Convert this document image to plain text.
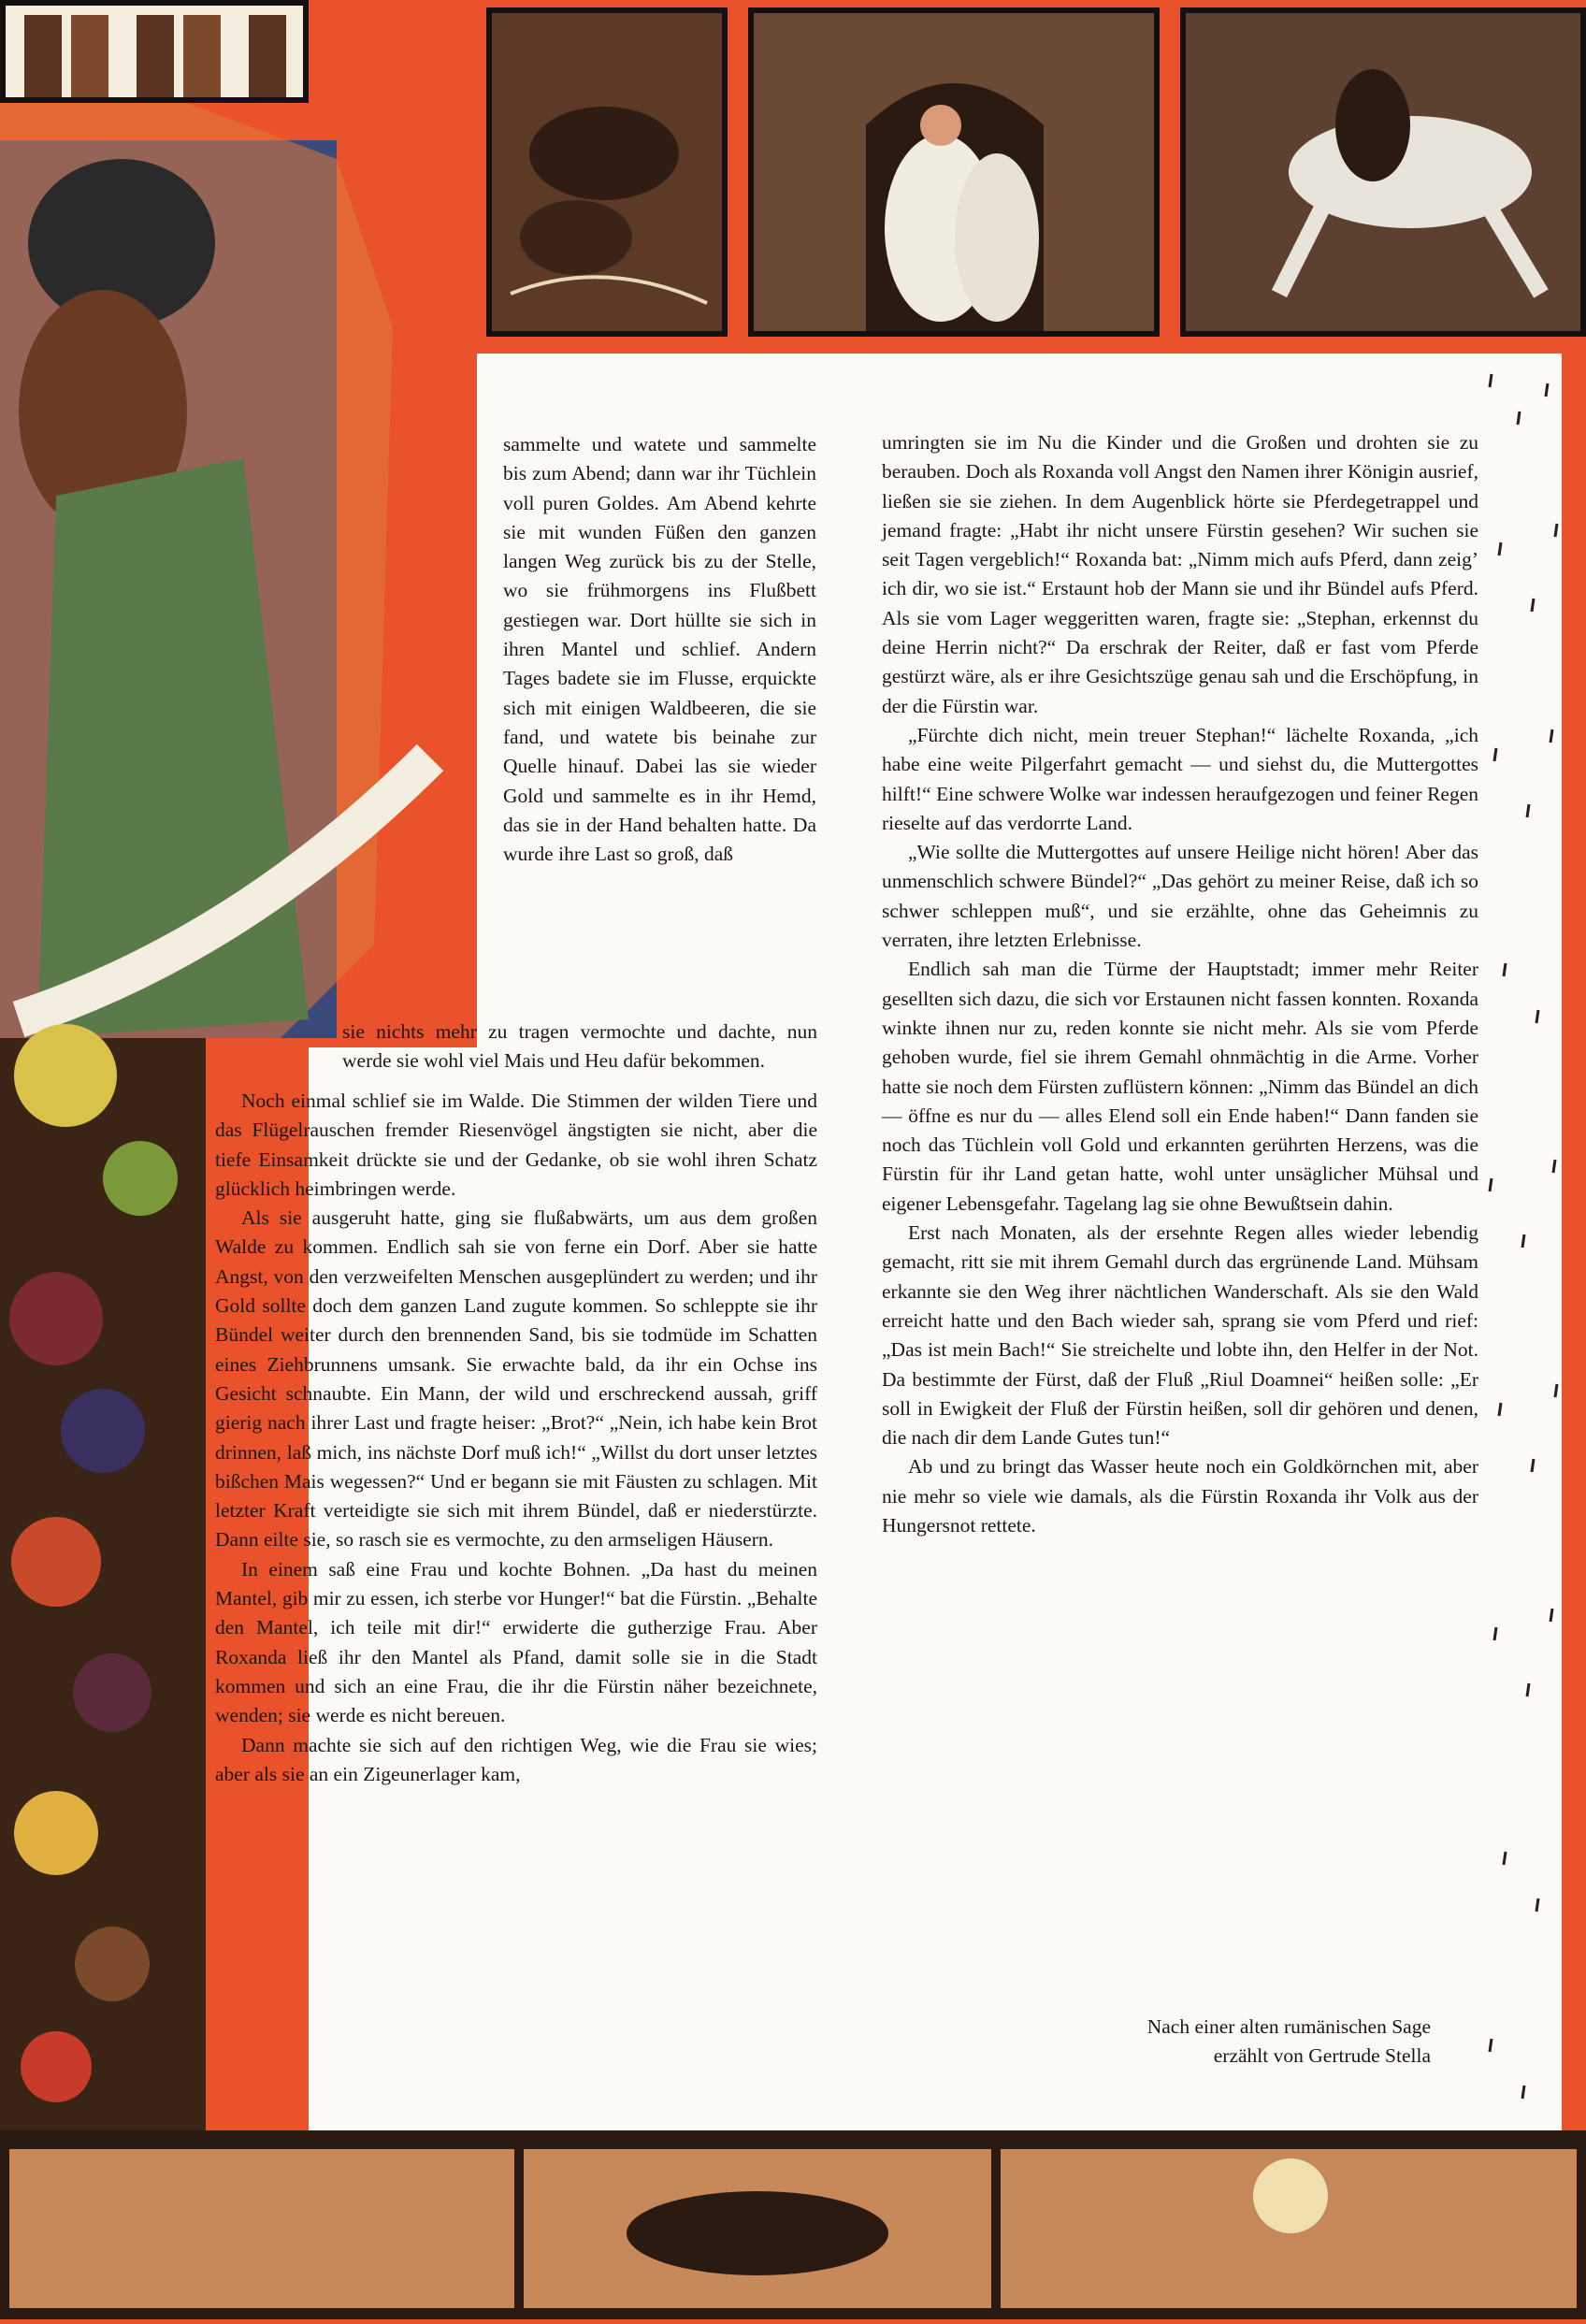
sammelte und watete und sammelte bis zum Abend; dann war ihr Tüchlein voll puren Goldes. Am Abend kehrte sie mit wunden Füßen den ganzen langen Weg zurück bis zu der Stelle, wo sie frühmorgens ins Flußbett gestiegen war. Dort hüllte sie sich in ihren Mantel und schlief. Andern Tages badete sie im Flusse, erquickte sich mit einigen Waldbeeren, die sie fand, und watete bis beinahe zur Quelle hinauf. Dabei las sie wieder Gold und sammelte es in ihr Hemd, das sie in der Hand behalten hatte. Da wurde ihre Last so groß, daß

sie nichts mehr zu tragen vermochte und dachte, nun werde sie wohl viel Mais und Heu dafür bekommen.

Noch einmal schlief sie im Walde. Die Stimmen der wilden Tiere und das Flügelrauschen fremder Riesenvögel ängstigten sie nicht, aber die tiefe Einsamkeit drückte sie und der Gedanke, ob sie wohl ihren Schatz glücklich heimbringen werde.

Als sie ausgeruht hatte, ging sie flußabwärts, um aus dem großen Walde zu kommen. Endlich sah sie von ferne ein Dorf. Aber sie hatte Angst, von den verzweifelten Menschen ausgeplündert zu werden; und ihr Gold sollte doch dem ganzen Land zugute kommen. So schleppte sie ihr Bündel weiter durch den brennenden Sand, bis sie todmüde im Schatten eines Ziehbrunnens umsank. Sie erwachte bald, da ihr ein Ochse ins Gesicht schnaubte. Ein Mann, der wild und erschreckend aussah, griff gierig nach ihrer Last und fragte heiser: „Brot?“ „Nein, ich habe kein Brot drinnen, laß mich, ins nächste Dorf muß ich!“ „Willst du dort unser letztes bißchen Mais wegessen?“ Und er begann sie mit Fäusten zu schlagen. Mit letzter Kraft verteidigte sie sich mit ihrem Bündel, daß er niederstürzte. Dann eilte sie, so rasch sie es vermochte, zu den armseligen Häusern.

In einem saß eine Frau und kochte Bohnen. „Da hast du meinen Mantel, gib mir zu essen, ich sterbe vor Hunger!“ bat die Fürstin. „Behalte den Mantel, ich teile mit dir!“ erwiderte die gutherzige Frau. Aber Roxanda ließ ihr den Mantel als Pfand, damit solle sie in die Stadt kommen und sich an eine Frau, die ihr die Fürstin näher bezeichnete, wenden; sie werde es nicht bereuen.

Dann machte sie sich auf den richtigen Weg, wie die Frau sie wies; aber als sie an ein Zigeunerlager kam,

umringten sie im Nu die Kinder und die Großen und drohten sie zu berauben. Doch als Roxanda voll Angst den Namen ihrer Königin ausrief, ließen sie sie ziehen. In dem Augenblick hörte sie Pferdegetrappel und jemand fragte: „Habt ihr nicht unsere Fürstin gesehen? Wir suchen sie seit Tagen vergeblich!“ Roxanda bat: „Nimm mich aufs Pferd, dann zeig’ ich dir, wo sie ist.“ Erstaunt hob der Mann sie und ihr Bündel aufs Pferd. Als sie vom Lager weggeritten waren, fragte sie: „Stephan, erkennst du deine Herrin nicht?“ Da erschrak der Reiter, daß er fast vom Pferde gestürzt wäre, als er ihre Gesichtszüge genau sah und die Erschöpfung, in der die Fürstin war.

„Fürchte dich nicht, mein treuer Stephan!“ lächelte Roxanda, „ich habe eine weite Pilgerfahrt gemacht — und siehst du, die Muttergottes hilft!“ Eine schwere Wolke war indessen heraufgezogen und feiner Regen rieselte auf das verdorrte Land.

„Wie sollte die Muttergottes auf unsere Heilige nicht hören! Aber das unmenschlich schwere Bündel?“ „Das gehört zu meiner Reise, daß ich so schwer schleppen muß“, und sie erzählte, ohne das Geheimnis zu verraten, ihre letzten Erlebnisse.

Endlich sah man die Türme der Hauptstadt; immer mehr Reiter gesellten sich dazu, die sich vor Erstaunen nicht fassen konnten. Roxanda winkte ihnen nur zu, reden konnte sie nicht mehr. Als sie vom Pferde gehoben wurde, fiel sie ihrem Gemahl ohnmächtig in die Arme. Vorher hatte sie noch dem Fürsten zuflüstern können: „Nimm das Bündel an dich — öffne es nur du — alles Elend soll ein Ende haben!“ Dann fanden sie noch das Tüchlein voll Gold und erkannten gerührten Herzens, was die Fürstin für ihr Land getan hatte, wohl unter unsäglicher Mühsal und eigener Lebensgefahr. Tagelang lag sie ohne Bewußtsein dahin.

Erst nach Monaten, als der ersehnte Regen alles wieder lebendig gemacht, ritt sie mit ihrem Gemahl durch das ergrünende Land. Mühsam erkannte sie den Weg ihrer nächtlichen Wanderschaft. Als sie den Wald erreicht hatte und den Bach wieder sah, sprang sie vom Pferd und rief: „Das ist mein Bach!“ Sie streichelte und lobte ihn, den Helfer in der Not. Da bestimmte der Fürst, daß der Fluß „Riul Doamnei“ heißen solle: „Er soll in Ewigkeit der Fluß der Fürstin heißen, soll dir gehören und denen, die nach dir dem Lande Gutes tun!“

Ab und zu bringt das Wasser heute noch ein Goldkörnchen mit, aber nie mehr so viele wie damals, als die Fürstin Roxanda ihr Volk aus der Hungersnot rettete.

Nach einer alten rumänischen Sage
erzählt von Gertrude Stella
